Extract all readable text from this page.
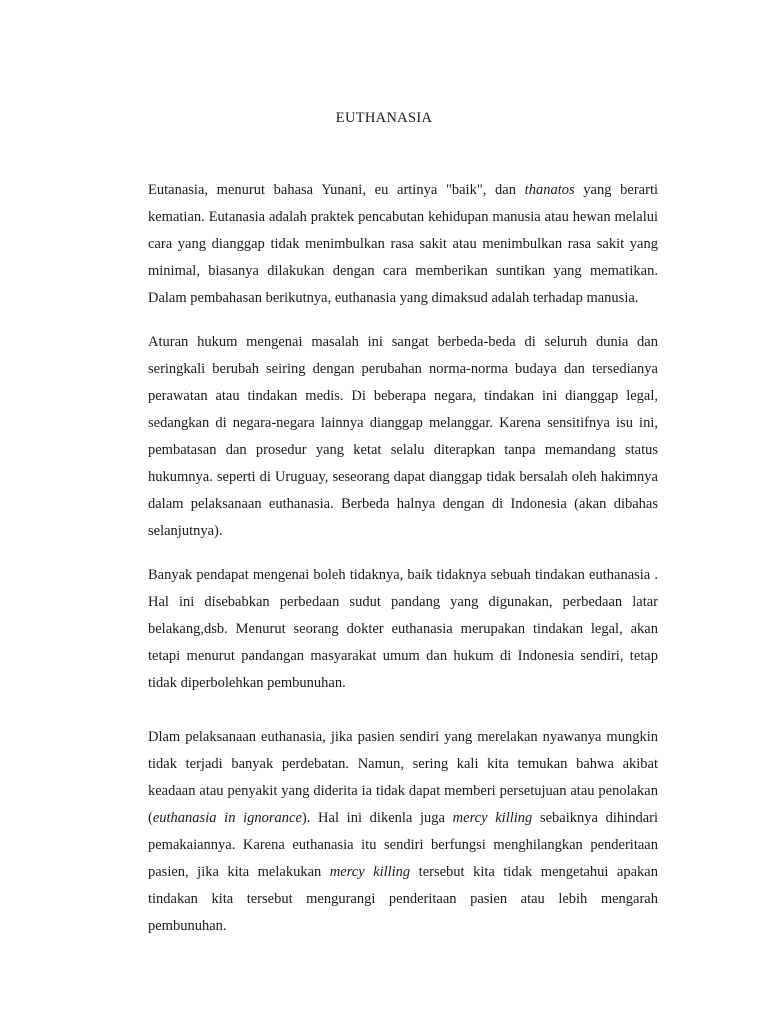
EUTHANASIA

Eutanasia, menurut bahasa Yunani, eu artinya "baik", dan thanatos yang berarti kematian. Eutanasia adalah praktek pencabutan kehidupan manusia atau hewan melalui cara yang dianggap tidak menimbulkan rasa sakit atau menimbulkan rasa sakit yang minimal, biasanya dilakukan dengan cara memberikan suntikan yang mematikan. Dalam pembahasan berikutnya, euthanasia yang dimaksud adalah terhadap manusia.

Aturan hukum mengenai masalah ini sangat berbeda-beda di seluruh dunia dan seringkali berubah seiring dengan perubahan norma-norma budaya dan tersedianya perawatan atau tindakan medis. Di beberapa negara, tindakan ini dianggap legal, sedangkan di negara-negara lainnya dianggap melanggar. Karena sensitifnya isu ini, pembatasan dan prosedur yang ketat selalu diterapkan tanpa memandang status hukumnya. seperti di Uruguay, seseorang dapat dianggap tidak bersalah oleh hakimnya dalam pelaksanaan euthanasia. Berbeda halnya dengan di Indonesia (akan dibahas selanjutnya).

Banyak pendapat mengenai boleh tidaknya, baik tidaknya sebuah tindakan euthanasia . Hal ini disebabkan perbedaan sudut pandang yang digunakan, perbedaan latar belakang,dsb. Menurut seorang dokter euthanasia merupakan tindakan legal, akan tetapi menurut pandangan masyarakat umum dan hukum di Indonesia sendiri, tetap tidak diperbolehkan pembunuhan.

Dlam pelaksanaan euthanasia, jika pasien sendiri yang merelakan nyawanya mungkin tidak terjadi banyak perdebatan. Namun, sering kali kita temukan bahwa akibat keadaan atau penyakit yang diderita ia tidak dapat memberi persetujuan atau penolakan (euthanasia in ignorance). Hal ini dikenla juga mercy killing sebaiknya dihindari pemakaiannya. Karena euthanasia itu sendiri berfungsi menghilangkan penderitaan pasien, jika kita melakukan mercy killing tersebut kita tidak mengetahui apakan tindakan kita tersebut mengurangi penderitaan pasien atau lebih mengarah pembunuhan.
